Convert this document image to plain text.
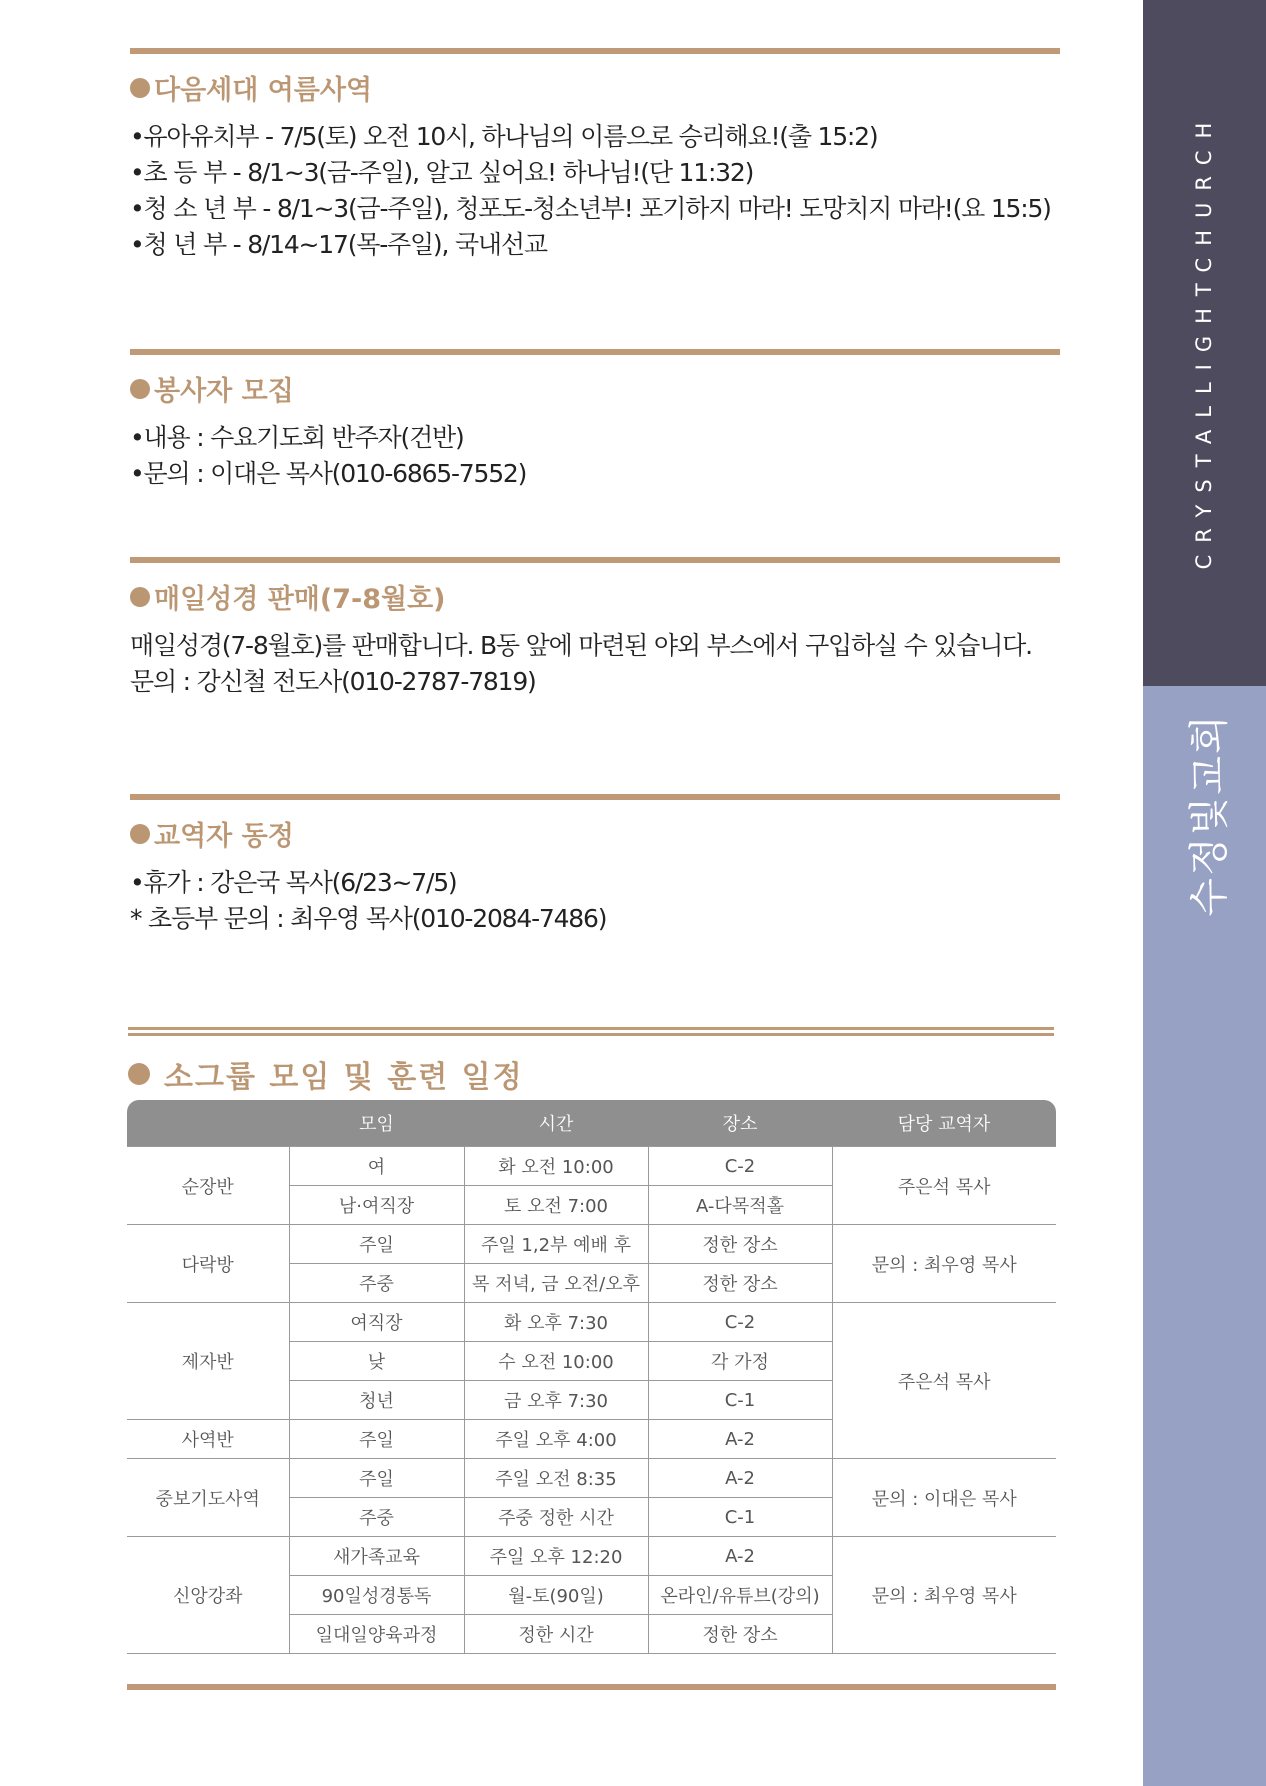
CRYSTALLIGHTCHURCH
수정빛교회
다음세대 여름사역
•유아유치부 - 7/5(토) 오전 10시, 하나님의 이름으로 승리해요!(출 15:2)
•초 등 부 - 8/1~3(금-주일), 알고 싶어요! 하나님!(단 11:32)
•청 소 년 부 - 8/1~3(금-주일), 청포도-청소년부! 포기하지 마라! 도망치지 마라!(요 15:5)
•청 년 부 - 8/14~17(목-주일), 국내선교
봉사자 모집
•내용 : 수요기도회 반주자(건반)
•문의 : 이대은 목사(010-6865-7552)
매일성경 판매(7-8월호)
매일성경(7-8월호)를 판매합니다. B동 앞에 마련된 야외 부스에서 구입하실 수 있습니다.
문의 : 강신철 전도사(010-2787-7819)
교역자 동정
•휴가 : 강은국 목사(6/23~7/5)
* 초등부 문의 : 최우영 목사(010-2084-7486)
소그룹 모임 및 훈련 일정
	모임	시간	장소	담당 교역자
순장반	여	화 오전 10:00	C-2	주은석 목사
	남·여직장	토 오전 7:00	A-다목적홀	
다락방	주일	주일 1,2부 예배 후	정한 장소	문의 : 최우영 목사
	주중	목 저녁, 금 오전/오후	정한 장소	
제자반	여직장	화 오후 7:30	C-2	주은석 목사
	낮	수 오전 10:00	각 가정	
	청년	금 오후 7:30	C-1	
사역반	주일	주일 오후 4:00	A-2	
중보기도사역	주일	주일 오전 8:35	A-2	문의 : 이대은 목사
	주중	주중 정한 시간	C-1	
신앙강좌	새가족교육	주일 오후 12:20	A-2	문의 : 최우영 목사
	90일성경통독	월-토(90일)	온라인/유튜브(강의)	
	일대일양육과정	정한 시간	정한 장소	
